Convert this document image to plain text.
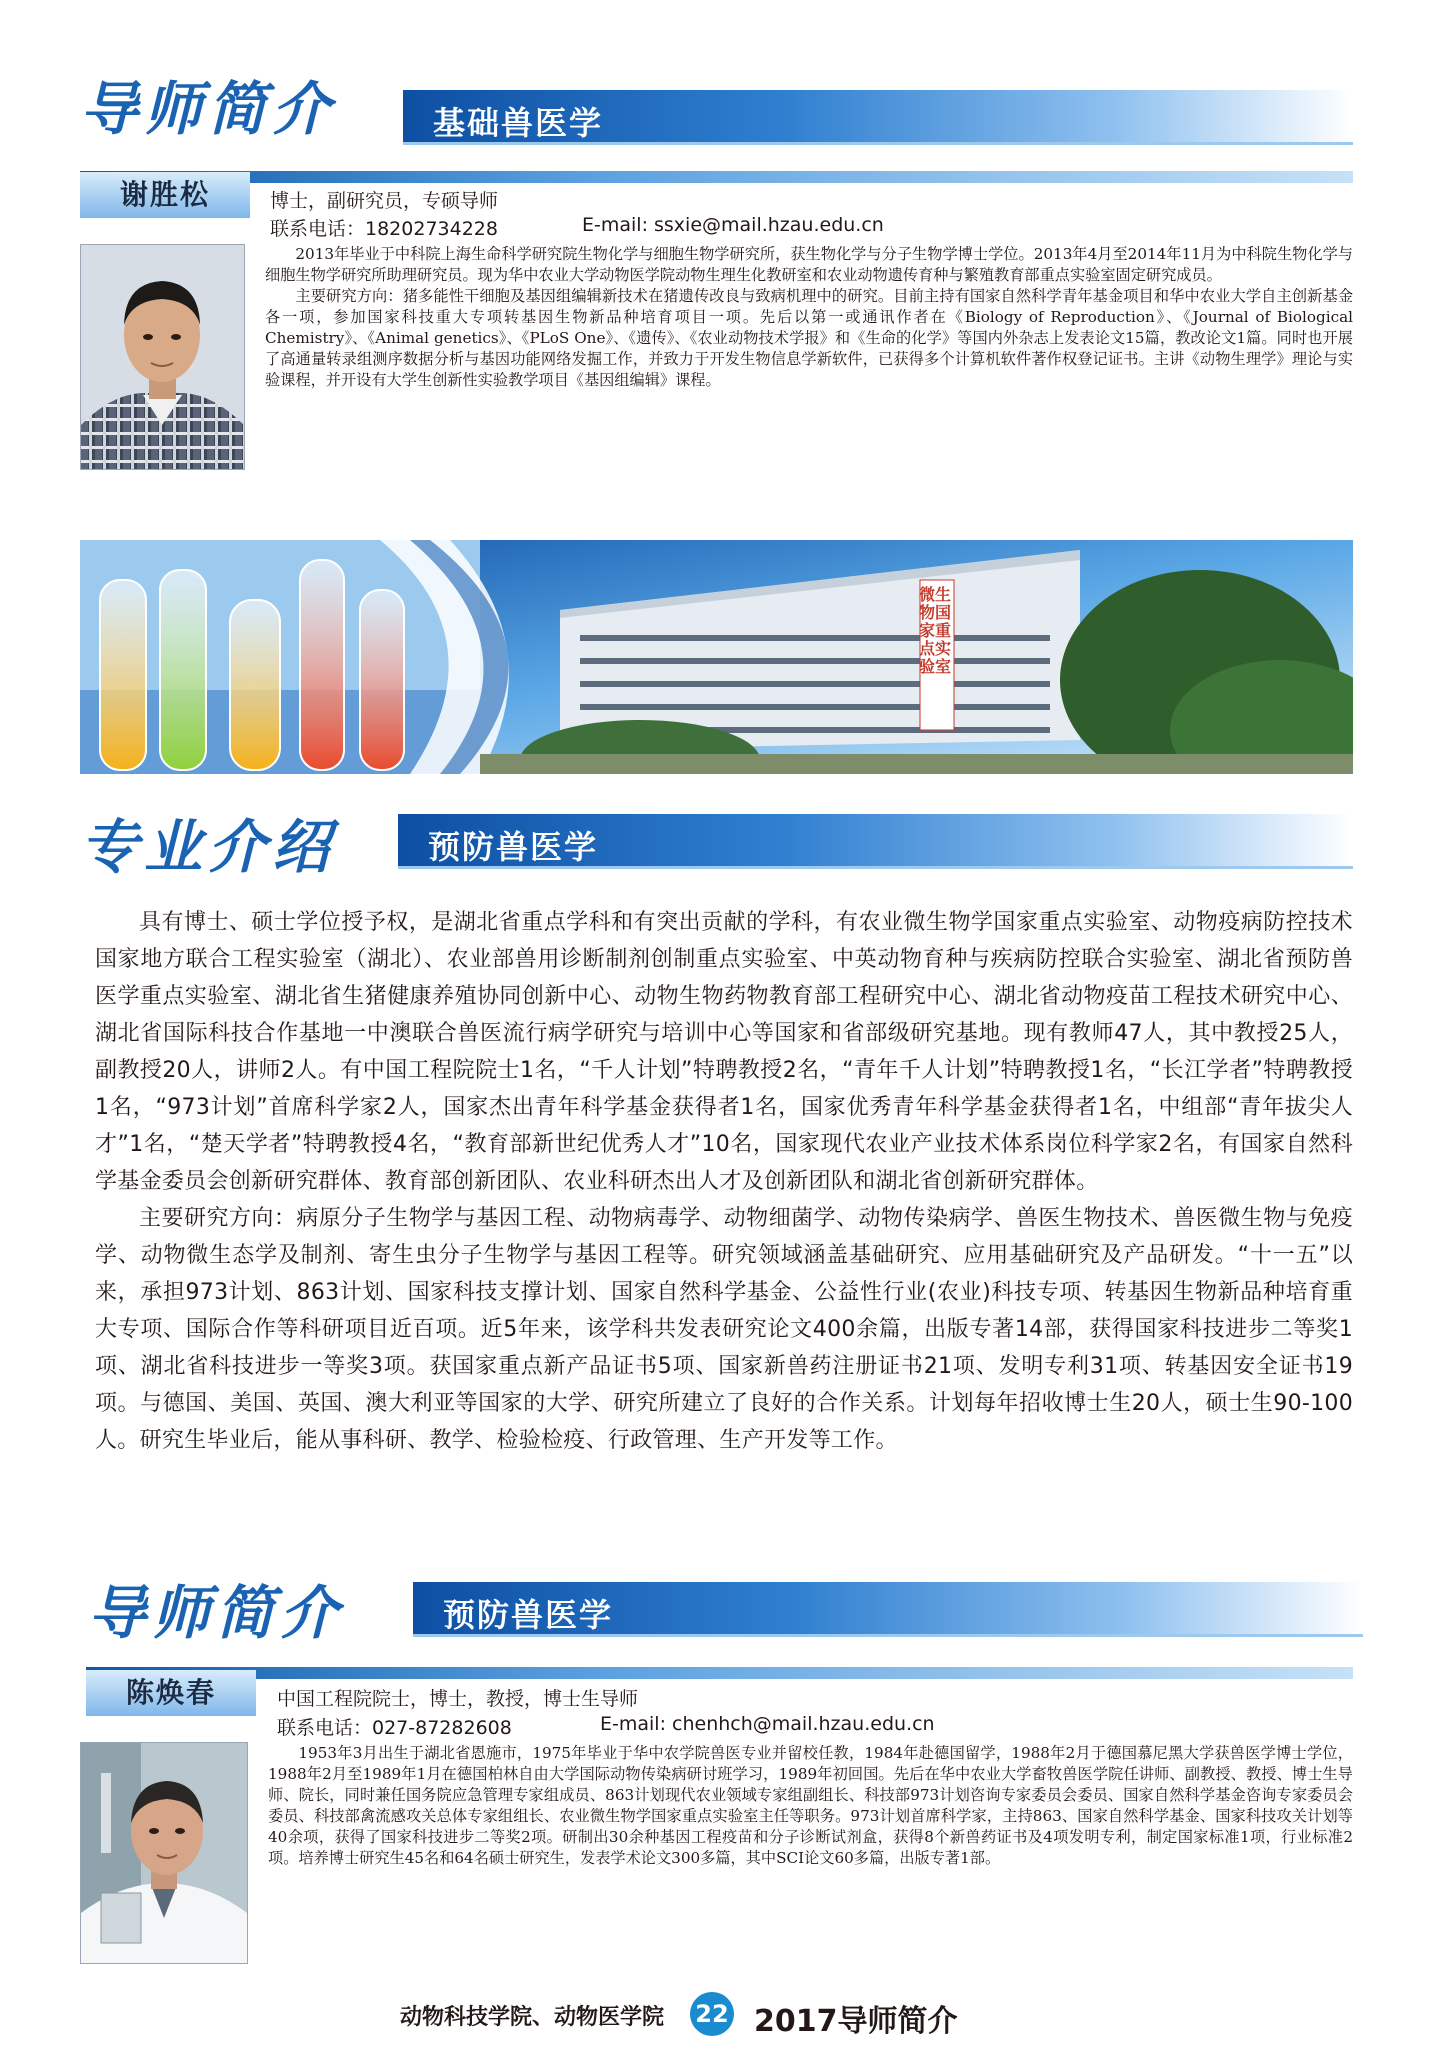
导师简介	基础兽医学
谢胜松	博士，副研究员，专硕导师
联系电话：18202734228	E-mail: ssxie@mail.hzau.edu.cn

2013年毕业于中科院上海生命科学研究院生物化学与细胞生物学研究所，获生物化学与分子生物学博士学位。2013年4月至2014年11月为中科院生物化学与细胞生物学研究所助理研究员。现为华中农业大学动物医学院动物生理生化教研室和农业动物遗传育种与繁殖教育部重点实验室固定研究成员。

主要研究方向：猪多能性干细胞及基因组编辑新技术在猪遗传改良与致病机理中的研究。目前主持有国家自然科学青年基金项目和华中农业大学自主创新基金各一项，参加国家科技重大专项转基因生物新品种培育项目一项。先后以第一或通讯作者在《Biology of Reproduction》、《Journal of Biological Chemistry》、《Animal genetics》、《PLoS One》、《遗传》、《农业动物技术学报》和《生命的化学》等国内外杂志上发表论文15篇，教改论文1篇。同时也开展了高通量转录组测序数据分析与基因功能网络发掘工作，并致力于开发生物信息学新软件，已获得多个计算机软件著作权登记证书。主讲《动物生理学》理论与实验课程，并开设有大学生创新性实验教学项目《基因组编辑》课程。

微生物国家重点实验室
专业介绍	预防兽医学

具有博士、硕士学位授予权，是湖北省重点学科和有突出贡献的学科，有农业微生物学国家重点实验室、动物疫病防控技术国家地方联合工程实验室（湖北）、农业部兽用诊断制剂创制重点实验室、中英动物育种与疾病防控联合实验室、湖北省预防兽医学重点实验室、湖北省生猪健康养殖协同创新中心、动物生物药物教育部工程研究中心、湖北省动物疫苗工程技术研究中心、湖北省国际科技合作基地一中澳联合兽医流行病学研究与培训中心等国家和省部级研究基地。现有教师47人，其中教授25人，副教授20人，讲师2人。有中国工程院院士1名，“千人计划”特聘教授2名，“青年千人计划”特聘教授1名，“长江学者”特聘教授1名，“973计划”首席科学家2人，国家杰出青年科学基金获得者1名，国家优秀青年科学基金获得者1名，中组部“青年拔尖人才”1名，“楚天学者”特聘教授4名，“教育部新世纪优秀人才”10名，国家现代农业产业技术体系岗位科学家2名，有国家自然科学基金委员会创新研究群体、教育部创新团队、农业科研杰出人才及创新团队和湖北省创新研究群体。

主要研究方向：病原分子生物学与基因工程、动物病毒学、动物细菌学、动物传染病学、兽医生物技术、兽医微生物与免疫学、动物微生态学及制剂、寄生虫分子生物学与基因工程等。研究领域涵盖基础研究、应用基础研究及产品研发。“十一五”以来，承担973计划、863计划、国家科技支撑计划、国家自然科学基金、公益性行业(农业)科技专项、转基因生物新品种培育重大专项、国际合作等科研项目近百项。近5年来，该学科共发表研究论文400余篇，出版专著14部，获得国家科技进步二等奖1项、湖北省科技进步一等奖3项。获国家重点新产品证书5项、国家新兽药注册证书21项、发明专利31项、转基因安全证书19项。与德国、美国、英国、澳大利亚等国家的大学、研究所建立了良好的合作关系。计划每年招收博士生20人，硕士生90-100人。研究生毕业后，能从事科研、教学、检验检疫、行政管理、生产开发等工作。

导师简介	预防兽医学
陈焕春	中国工程院院士，博士，教授，博士生导师
联系电话：027-87282608	E-mail: chenhch@mail.hzau.edu.cn

1953年3月出生于湖北省恩施市，1975年毕业于华中农学院兽医专业并留校任教，1984年赴德国留学，1988年2月于德国慕尼黑大学获兽医学博士学位，1988年2月至1989年1月在德国柏林自由大学国际动物传染病研讨班学习，1989年初回国。先后在华中农业大学畜牧兽医学院任讲师、副教授、教授、博士生导师、院长，同时兼任国务院应急管理专家组成员、863计划现代农业领域专家组副组长、科技部973计划咨询专家委员会委员、国家自然科学基金咨询专家委员会委员、科技部禽流感攻关总体专家组组长、农业微生物学国家重点实验室主任等职务。973计划首席科学家，主持863、国家自然科学基金、国家科技攻关计划等40余项，获得了国家科技进步二等奖2项。研制出30余种基因工程疫苗和分子诊断试剂盒，获得8个新兽药证书及4项发明专利，制定国家标准1项，行业标准2项。培养博士研究生45名和64名硕士研究生，发表学术论文300多篇，其中SCI论文60多篇，出版专著1部。

动物科技学院、动物医学院 22 2017导师简介
